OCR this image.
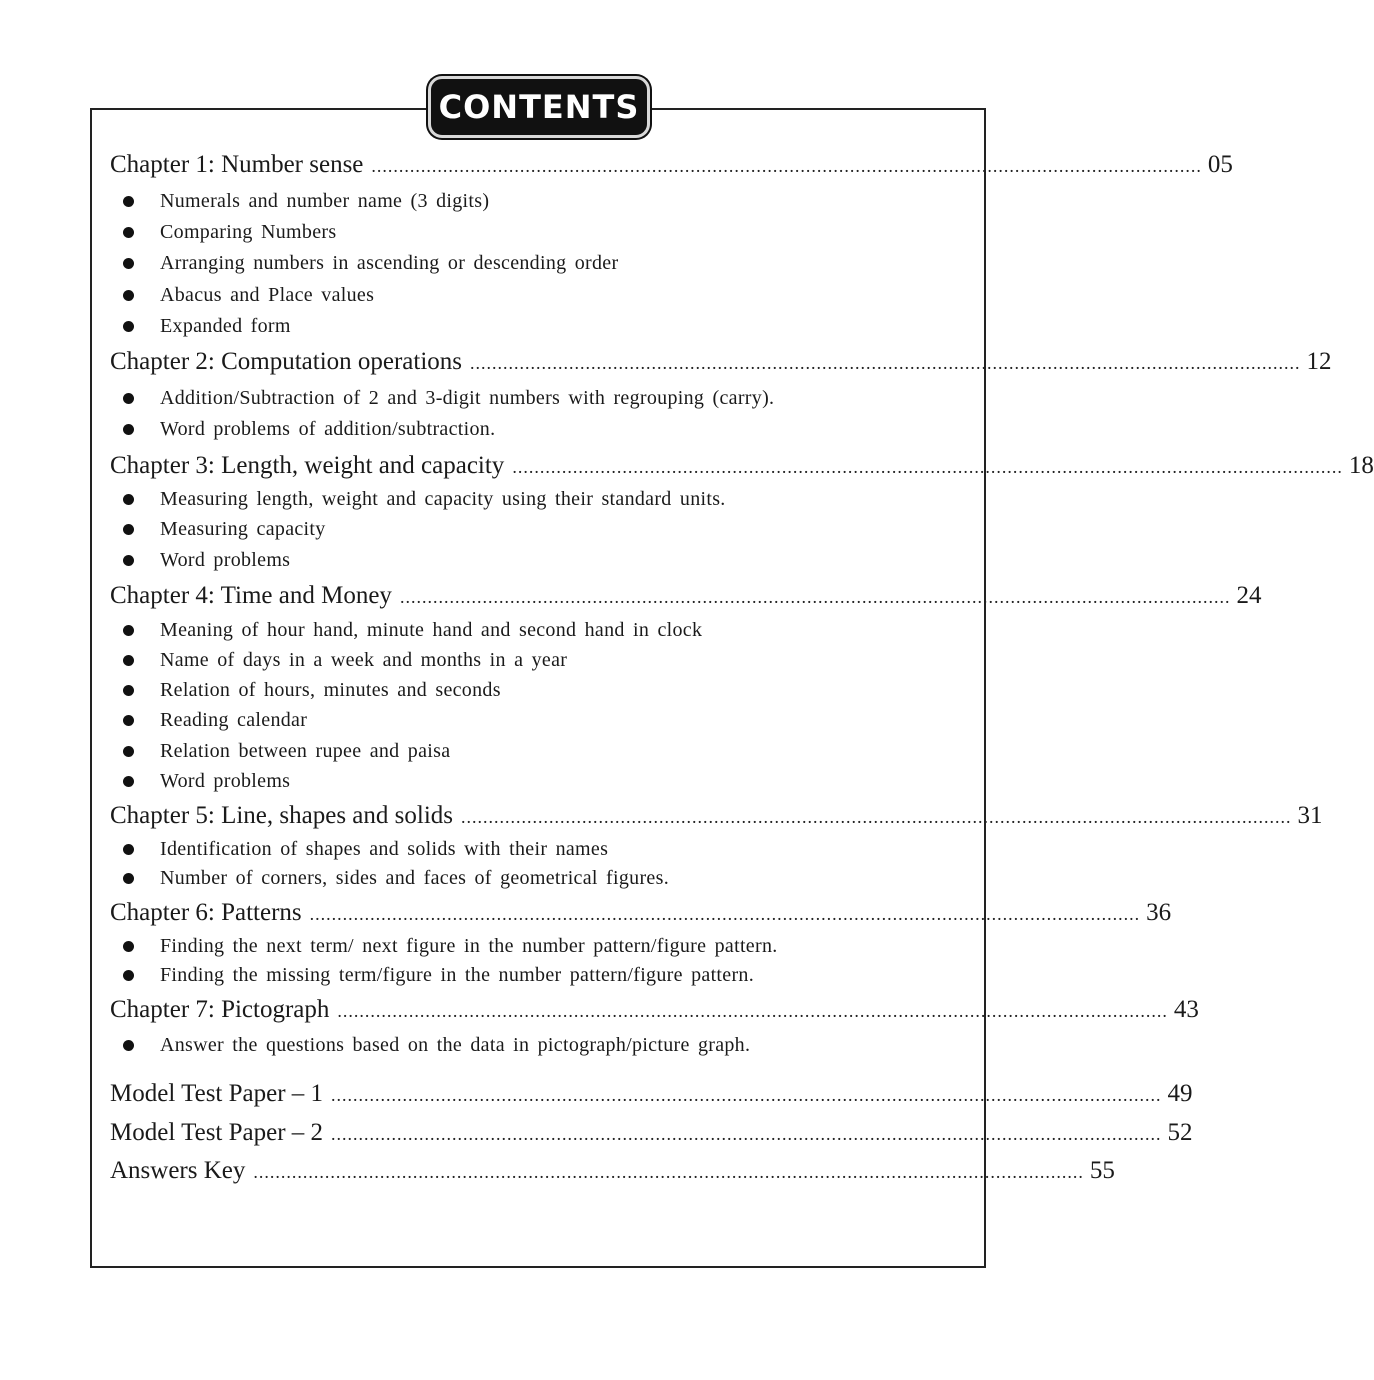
CONTENTS
Chapter 1: Number sense ....................................................................................................................................................... 05
Numerals and number name (3 digits)
Comparing Numbers
Arranging numbers in ascending or descending order
Abacus and Place values
Expanded form
Chapter 2: Computation operations ....................................................................................................................................................... 12
Addition/Subtraction of 2 and 3-digit numbers with regrouping (carry).
Word problems of addition/subtraction.
Chapter 3: Length, weight and capacity ....................................................................................................................................................... 18
Measuring length, weight and capacity using their standard units.
Measuring capacity
Word problems
Chapter 4: Time and Money ....................................................................................................................................................... 24
Meaning of hour hand, minute hand and second hand in clock
Name of days in a week and months in a year
Relation of hours, minutes and seconds
Reading calendar
Relation between rupee and paisa
Word problems
Chapter 5: Line, shapes and solids ....................................................................................................................................................... 31
Identification of shapes and solids with their names
Number of corners, sides and faces of geometrical figures.
Chapter 6: Patterns ....................................................................................................................................................... 36
Finding the next term/ next figure in the number pattern/figure pattern.
Finding the missing term/figure in the number pattern/figure pattern.
Chapter 7: Pictograph ....................................................................................................................................................... 43
Answer the questions based on the data in pictograph/picture graph.
Model Test Paper – 1 ....................................................................................................................................................... 49
Model Test Paper – 2 ....................................................................................................................................................... 52
Answers Key ....................................................................................................................................................... 55
